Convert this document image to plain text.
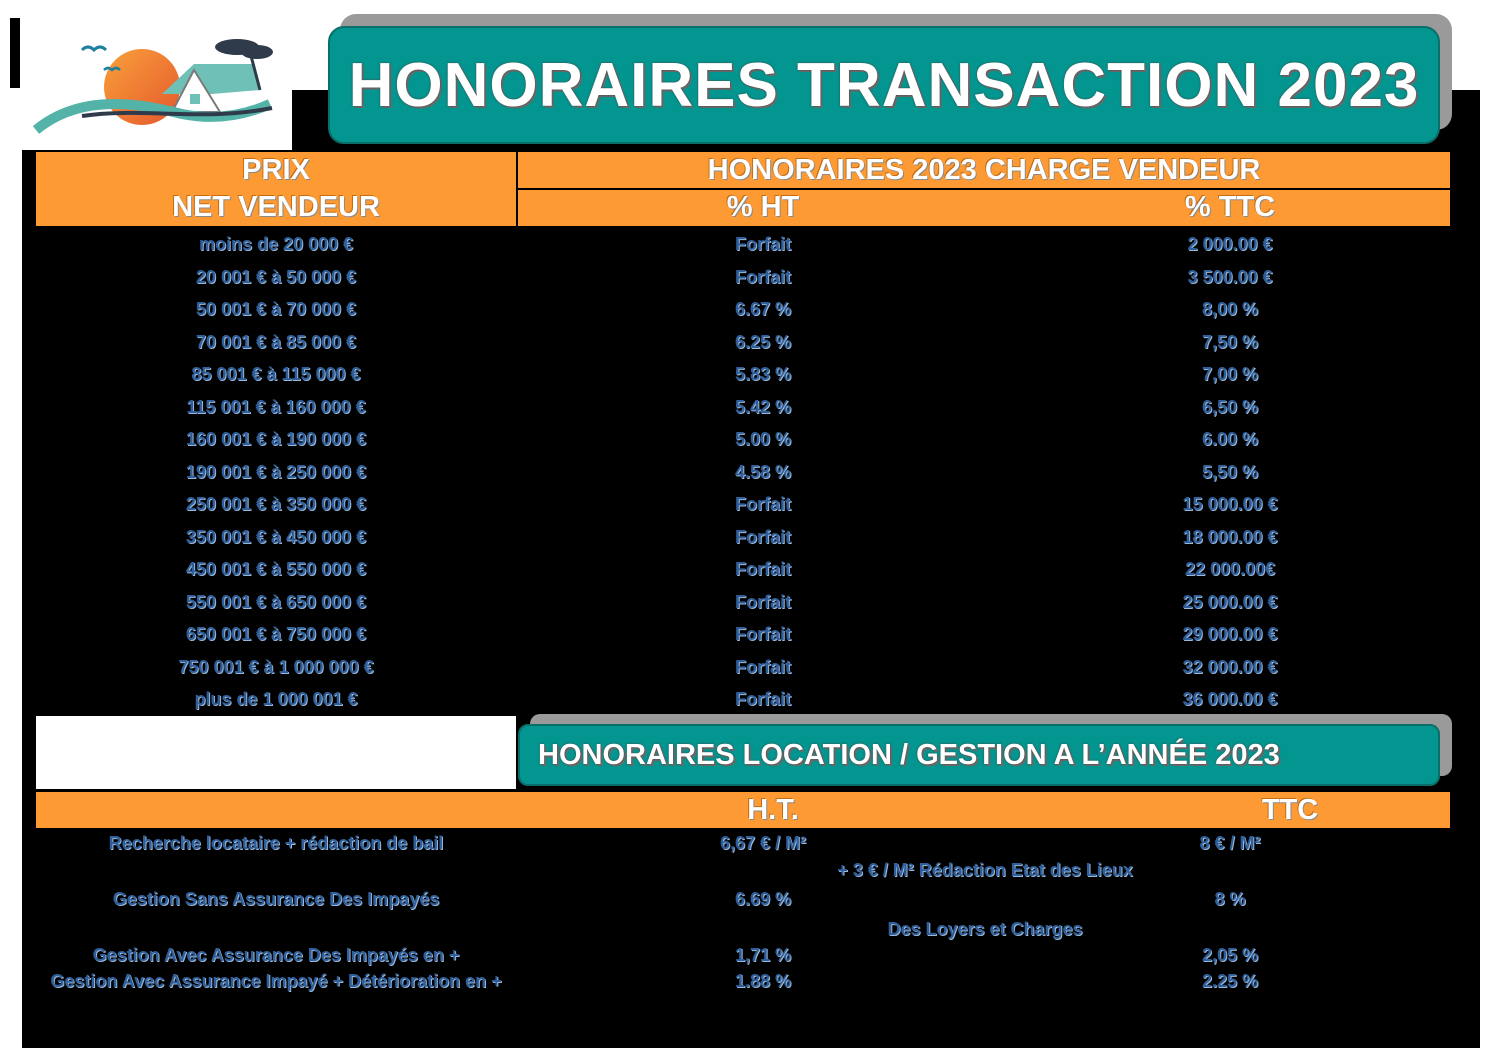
HONORAIRES TRANSACTION 2023
PRIX
NET VENDEUR
HONORAIRES 2023 CHARGE VENDEUR
% HT	% TTC
moins de 20 000 €	Forfait	2 000.00 €
20 001 € à 50 000 €	Forfait	3 500.00 €
50 001 € à 70 000 €	6.67 %	8,00 %
70 001 € à 85 000 €	6.25 %	7,50 %
85 001 € à 115 000 €	5.83 %	7,00 %
115 001 € à 160 000 €	5.42 %	6,50 %
160 001 € à 190 000 €	5.00 %	6.00 %
190 001 € à 250 000 €	4.58 %	5,50 %
250 001 € à 350 000 €	Forfait	15 000.00 €
350 001 € à 450 000 €	Forfait	18 000.00 €
450 001 € à 550 000 €	Forfait	22 000.00€
550 001 € à 650 000 €	Forfait	25 000.00 €
650 001 € à 750 000 €	Forfait	29 000.00 €
750 001 € à 1 000 000 €	Forfait	32 000.00 €
plus de 1 000 001 €	Forfait	36 000.00 €
HONORAIRES LOCATION / GESTION A L’ANNÉE 2023
H.T.	TTC
Recherche locataire + rédaction de bail	6,67 € / M²	8 € / M²
+ 3 € / M² Rédaction Etat des Lieux
Gestion Sans Assurance Des Impayés	6.69 %	8 %
Des Loyers et Charges
Gestion Avec Assurance Des Impayés en +	1,71 %	2,05 %
Gestion Avec Assurance Impayé + Détérioration en +	1.88 %	2.25 %
